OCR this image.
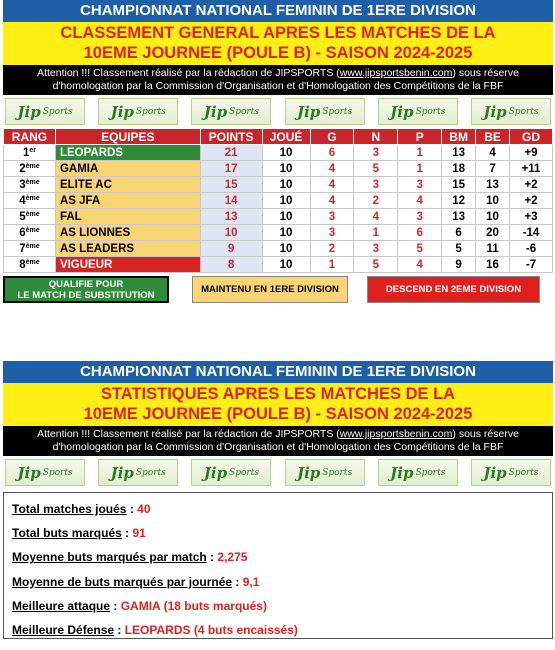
CHAMPIONNAT NATIONAL FEMININ DE 1ERE DIVISION
CLASSEMENT GENERAL APRES LES MATCHES DE LA
10EME JOURNEE (POULE B) - SAISON 2024-2025
Attention !!! Classement réalisé par la rédaction de JIPSPORTS (www.jipsportsbenin.com) sous réserve d'homologation par la Commission d'Organisation et d'Homologation des Compétitions de la FBF
Jip Sports	Jip Sports	Jip Sports	Jip Sports	Jip Sports	Jip Sports
RANG	EQUIPES	POINTS	JOUÉ	G	N	P	BM	BE	GD
1er	LEOPARDS	21	10	6	3	1	13	4	+9
2ème	GAMIA	17	10	4	5	1	18	7	+11
3ème	ELITE AC	15	10	4	3	3	15	13	+2
4ème	AS JFA	14	10	4	2	4	12	10	+2
5ème	FAL	13	10	3	4	3	13	10	+3
6ème	AS LIONNES	10	10	3	1	6	6	20	-14
7ème	AS LEADERS	9	10	2	3	5	5	11	-6
8ème	VIGUEUR	8	10	1	5	4	9	16	-7
QUALIFIE POUR
LE MATCH DE SUBSTITUTION	MAINTENU EN 1ERE DIVISION	DESCEND EN 2EME DIVISION
CHAMPIONNAT NATIONAL FEMININ DE 1ERE DIVISION
STATISTIQUES APRES LES MATCHES DE LA
10EME JOURNEE (POULE B) - SAISON 2024-2025
Attention !!! Classement réalisé par la rédaction de JIPSPORTS (www.jipsportsbenin.com) sous réserve d'homologation par la Commission d'Organisation et d'Homologation des Compétitions de la FBF
Jip Sports	Jip Sports	Jip Sports	Jip Sports	Jip Sports	Jip Sports
Total matches joués : 40
Total buts marqués : 91
Moyenne buts marqués par match : 2,275
Moyenne de buts marqués par journée : 9,1
Meilleure attaque : GAMIA (18 buts marqués)
Meilleure Défense : LEOPARDS (4 buts encaissés)
